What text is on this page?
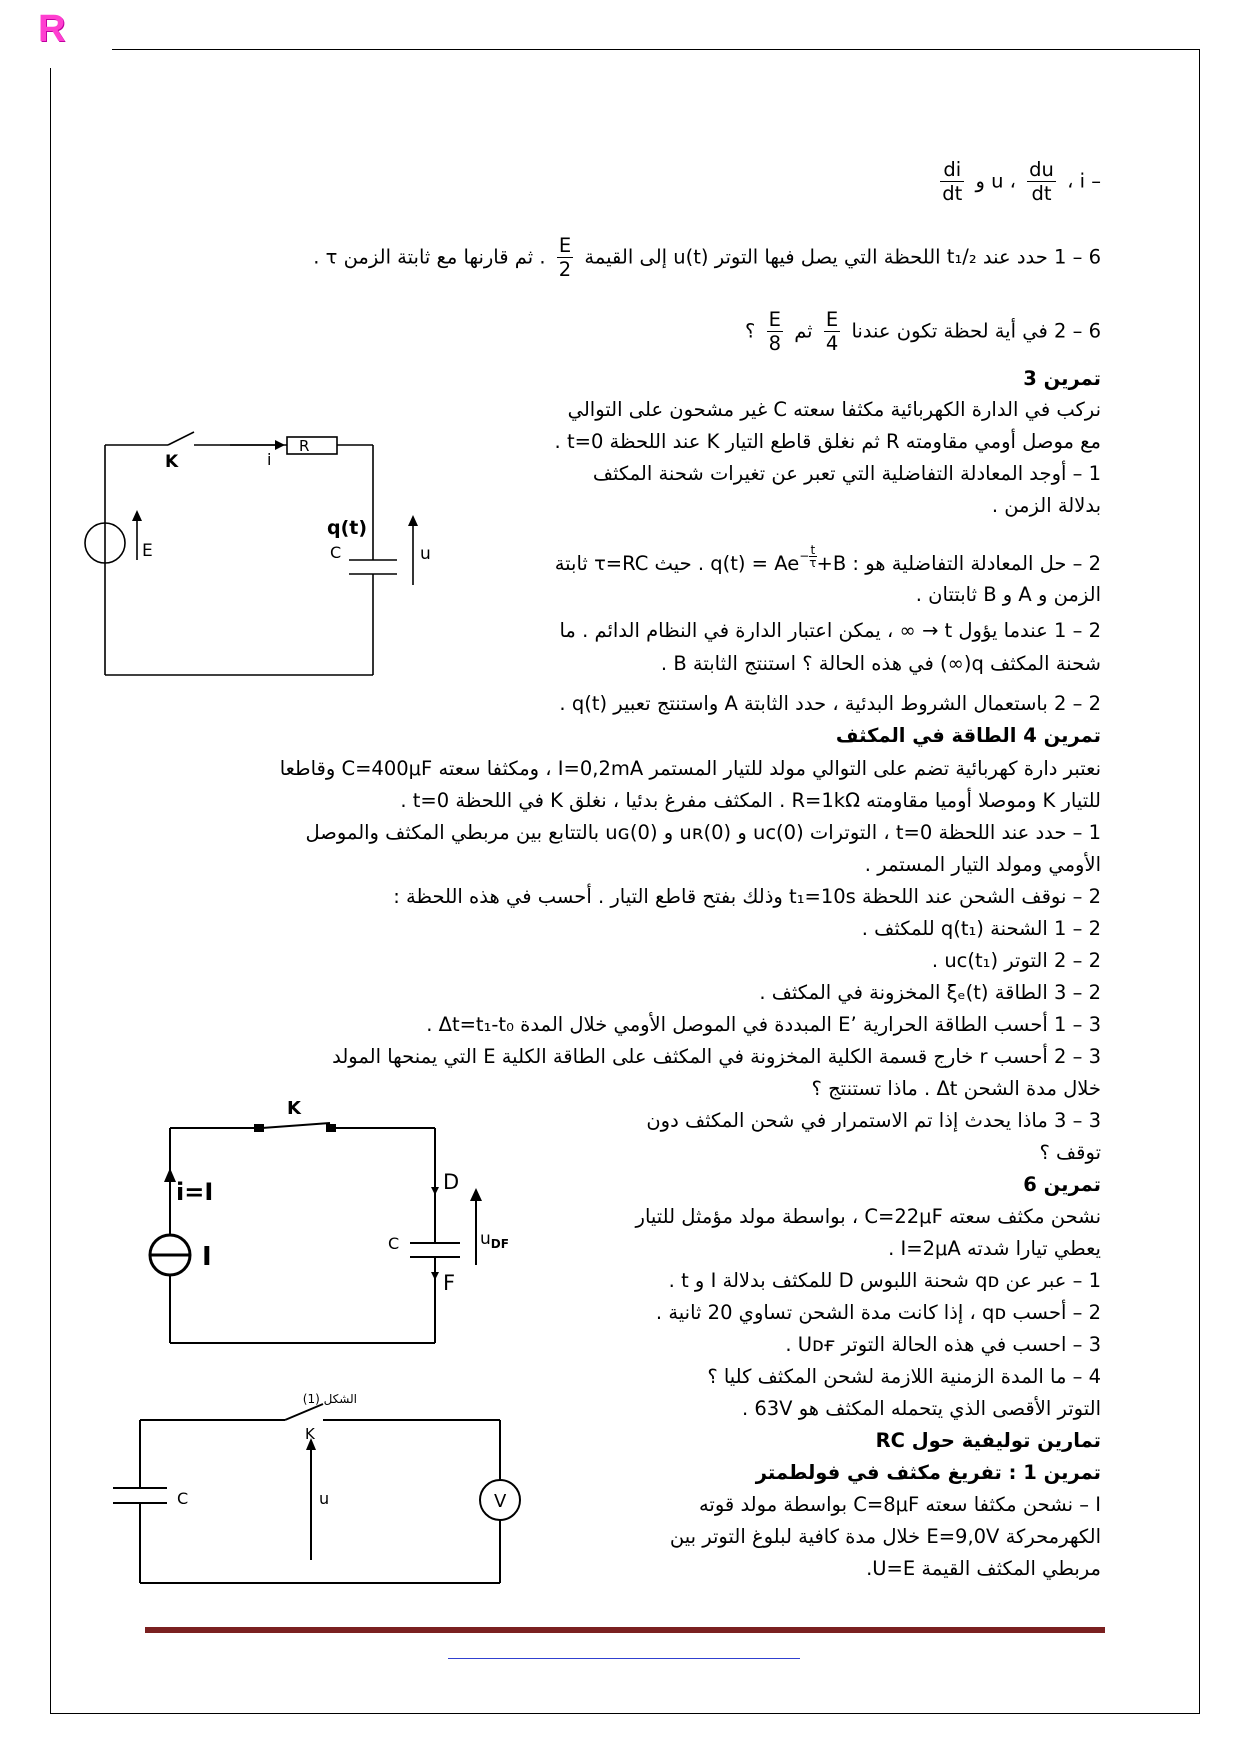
R
– u ،
$\frac{du}{dt}$
، i و
$\frac{di}{dt}$
6 – 1 حدد عند t₁/₂ اللحظة التي يصل فيها التوتر u(t) إلى القيمة
$\frac{E}{2}$
. ثم قارنها مع ثابتة الزمن τ .
6 – 2 في أية لحظة تكون عندنا
$\frac{E}{4}$
ثم
$\frac{E}{8}$
؟
تمرين 3
نركب في الدارة الكهربائية مكثفا سعته C غير مشحون على التوالي
مع موصل أومي مقاومته R ثم نغلق قاطع التيار K عند اللحظة t=0 .
1 – أوجد المعادلة التفاضلية التي تعبر عن تغيرات شحنة المكثف
بدلالة الزمن .
2 – حل المعادلة التفاضلية هو : $q(t) = Ae- \frac{t}{\tau} +B$ . حيث τ=RC ثابتة
الزمن و A و B ثابتتان .
2 – 1 عندما يؤول t → ∞ ، يمكن اعتبار الدارة في النظام الدائم . ما
شحنة المكثف q(∞) في هذه الحالة ؟ استنتج الثابتة B .
2 – 2 باستعمال الشروط البدئية ، حدد الثابتة A واستنتج تعبير q(t) .
تمرين 4 الطاقة في المكثف
نعتبر دارة كهربائية تضم على التوالي مولد للتيار المستمر I=0,2mA ، ومكثفا سعته C=400μF وقاطعا
للتيار K وموصلا أوميا مقاومته R=1kΩ . المكثف مفرغ بدئيا ، نغلق K في اللحظة t=0 .
1 – حدد عند اللحظة t=0 ، التوترات uᴄ(0) و uʀ(0) و uɢ(0) بالتتابع بين مربطي المكثف والموصل
الأومي ومولد التيار المستمر .
2 – نوقف الشحن عند اللحظة t₁=10s وذلك بفتح قاطع التيار . أحسب في هذه اللحظة :
2 – 1 الشحنة q(t₁) للمكثف .
2 – 2 التوتر uᴄ(t₁) .
2 – 3 الطاقة ξₑ(t) المخزونة في المكثف .
3 – 1 أحسب الطاقة الحرارية ’E المبددة في الموصل الأومي خلال المدة Δt=t₁-t₀ .
3 – 2 أحسب r خارج قسمة الكلية المخزونة في المكثف على الطاقة الكلية E التي يمنحها المولد
خلال مدة الشحن Δt . ماذا تستنتج ؟
3 – 3 ماذا يحدث إذا تم الاستمرار في شحن المكثف دون
توقف ؟
تمرين 6
نشحن مكثف سعته C=22μF ، بواسطة مولد مؤمثل للتيار
يعطي تيارا شدته I=2μA .
1 – عبر عن qᴅ شحنة اللبوس D للمكثف بدلالة I و t .
2 – أحسب qᴅ ، إذا كانت مدة الشحن تساوي 20 ثانية .
3 – احسب في هذه الحالة التوتر Uᴅғ .
4 – ما المدة الزمنية اللازمة لشحن المكثف كليا ؟
التوتر الأقصى الذي يتحمله المكثف هو 63V .
تمارين توليفية حول RC
تمرين 1 : تفريغ مكثف في فولطمتر
I – نشحن مكثفا سعته C=8μF بواسطة مولد قوته
الكهرمحركة E=9,0V خلال مدة كافية لبلوغ التوتر بين
مربطي المكثف القيمة U=E.
K	i
R
E
q(t)
C	u
K
i=I
I	C
D
F
$u_{DF}$
الشكل (1)
K
C	u	V
